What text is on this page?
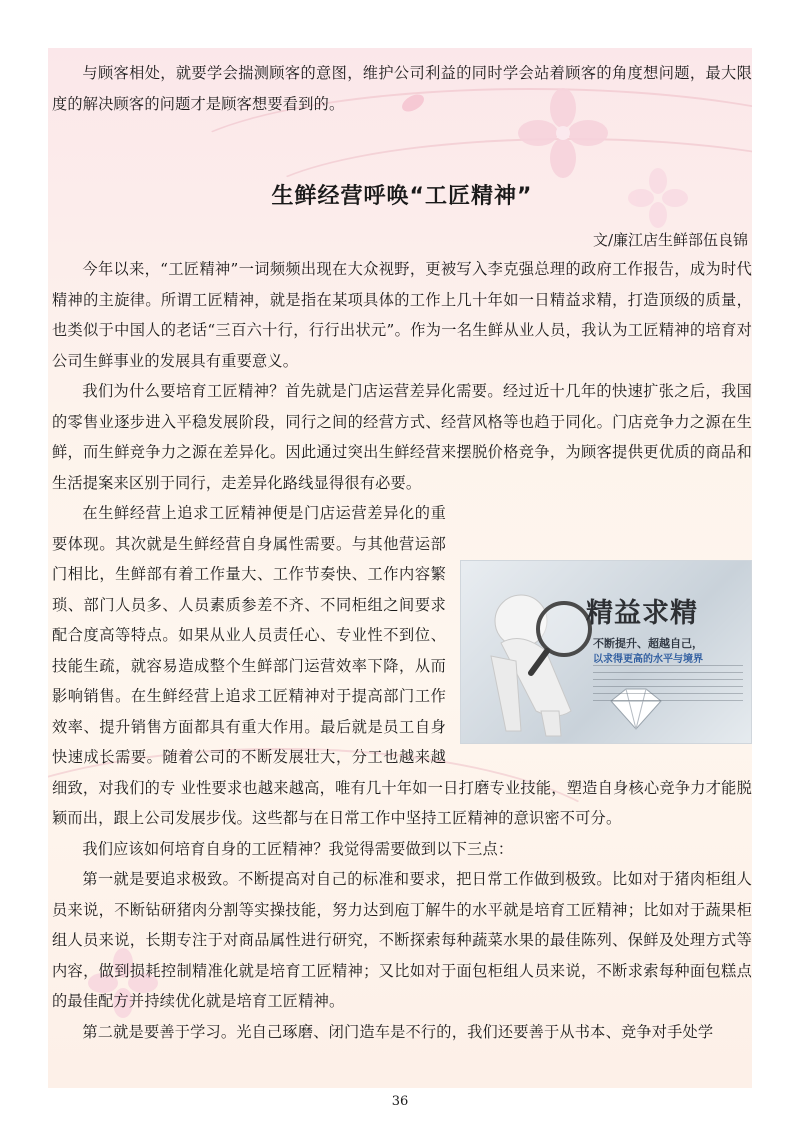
与顾客相处，就要学会揣测顾客的意图，维护公司利益的同时学会站着顾客的角度想问题，最大限度的解决顾客的问题才是顾客想要看到的。

生鲜经营呼唤“工匠精神”
文/廉江店生鲜部伍良锦

今年以来，“工匠精神”一词频频出现在大众视野，更被写入李克强总理的政府工作报告，成为时代精神的主旋律。所谓工匠精神，就是指在某项具体的工作上几十年如一日精益求精，打造顶级的质量，也类似于中国人的老话“三百六十行，行行出状元”。作为一名生鲜从业人员，我认为工匠精神的培育对公司生鲜事业的发展具有重要意义。

我们为什么要培育工匠精神？首先就是门店运营差异化需要。经过近十几年的快速扩张之后，我国的零售业逐步进入平稳发展阶段，同行之间的经营方式、经营风格等也趋于同化。门店竞争力之源在生鲜，而生鲜竞争力之源在差异化。因此通过突出生鲜经营来摆脱价格竞争，为顾客提供更优质的商品和生活提案来区别于同行，走差异化路线显得很有必要。

精益求精
不断提升、超越自己，
以求得更高的水平与境界

在生鲜经营上追求工匠精神便是门店运营差异化的重要体现。其次就是生鲜经营自身属性需要。与其他营运部门相比，生鲜部有着工作量大、工作节奏快、工作内容繁琐、部门人员多、人员素质参差不齐、不同柜组之间要求配合度高等特点。如果从业人员责任心、专业性不到位、技能生疏，就容易造成整个生鲜部门运营效率下降，从而影响销售。在生鲜经营上追求工匠精神对于提高部门工作效率、提升销售方面都具有重大作用。最后就是员工自身快速成长需要。随着公司的不断发展壮大，分工也越来越细致，对我们的专 业性要求也越来越高，唯有几十年如一日打磨专业技能，塑造自身核心竞争力才能脱颖而出，跟上公司发展步伐。这些都与在日常工作中坚持工匠精神的意识密不可分。

我们应该如何培育自身的工匠精神？我觉得需要做到以下三点：

第一就是要追求极致。不断提高对自己的标准和要求，把日常工作做到极致。比如对于猪肉柜组人员来说，不断钻研猪肉分割等实操技能，努力达到庖丁解牛的水平就是培育工匠精神；比如对于蔬果柜组人员来说，长期专注于对商品属性进行研究，不断探索每种蔬菜水果的最佳陈列、保鲜及处理方式等内容，做到损耗控制精准化就是培育工匠精神；又比如对于面包柜组人员来说，不断求索每种面包糕点的最佳配方并持续优化就是培育工匠精神。

第二就是要善于学习。光自己琢磨、闭门造车是不行的，我们还要善于从书本、竞争对手处学

36
